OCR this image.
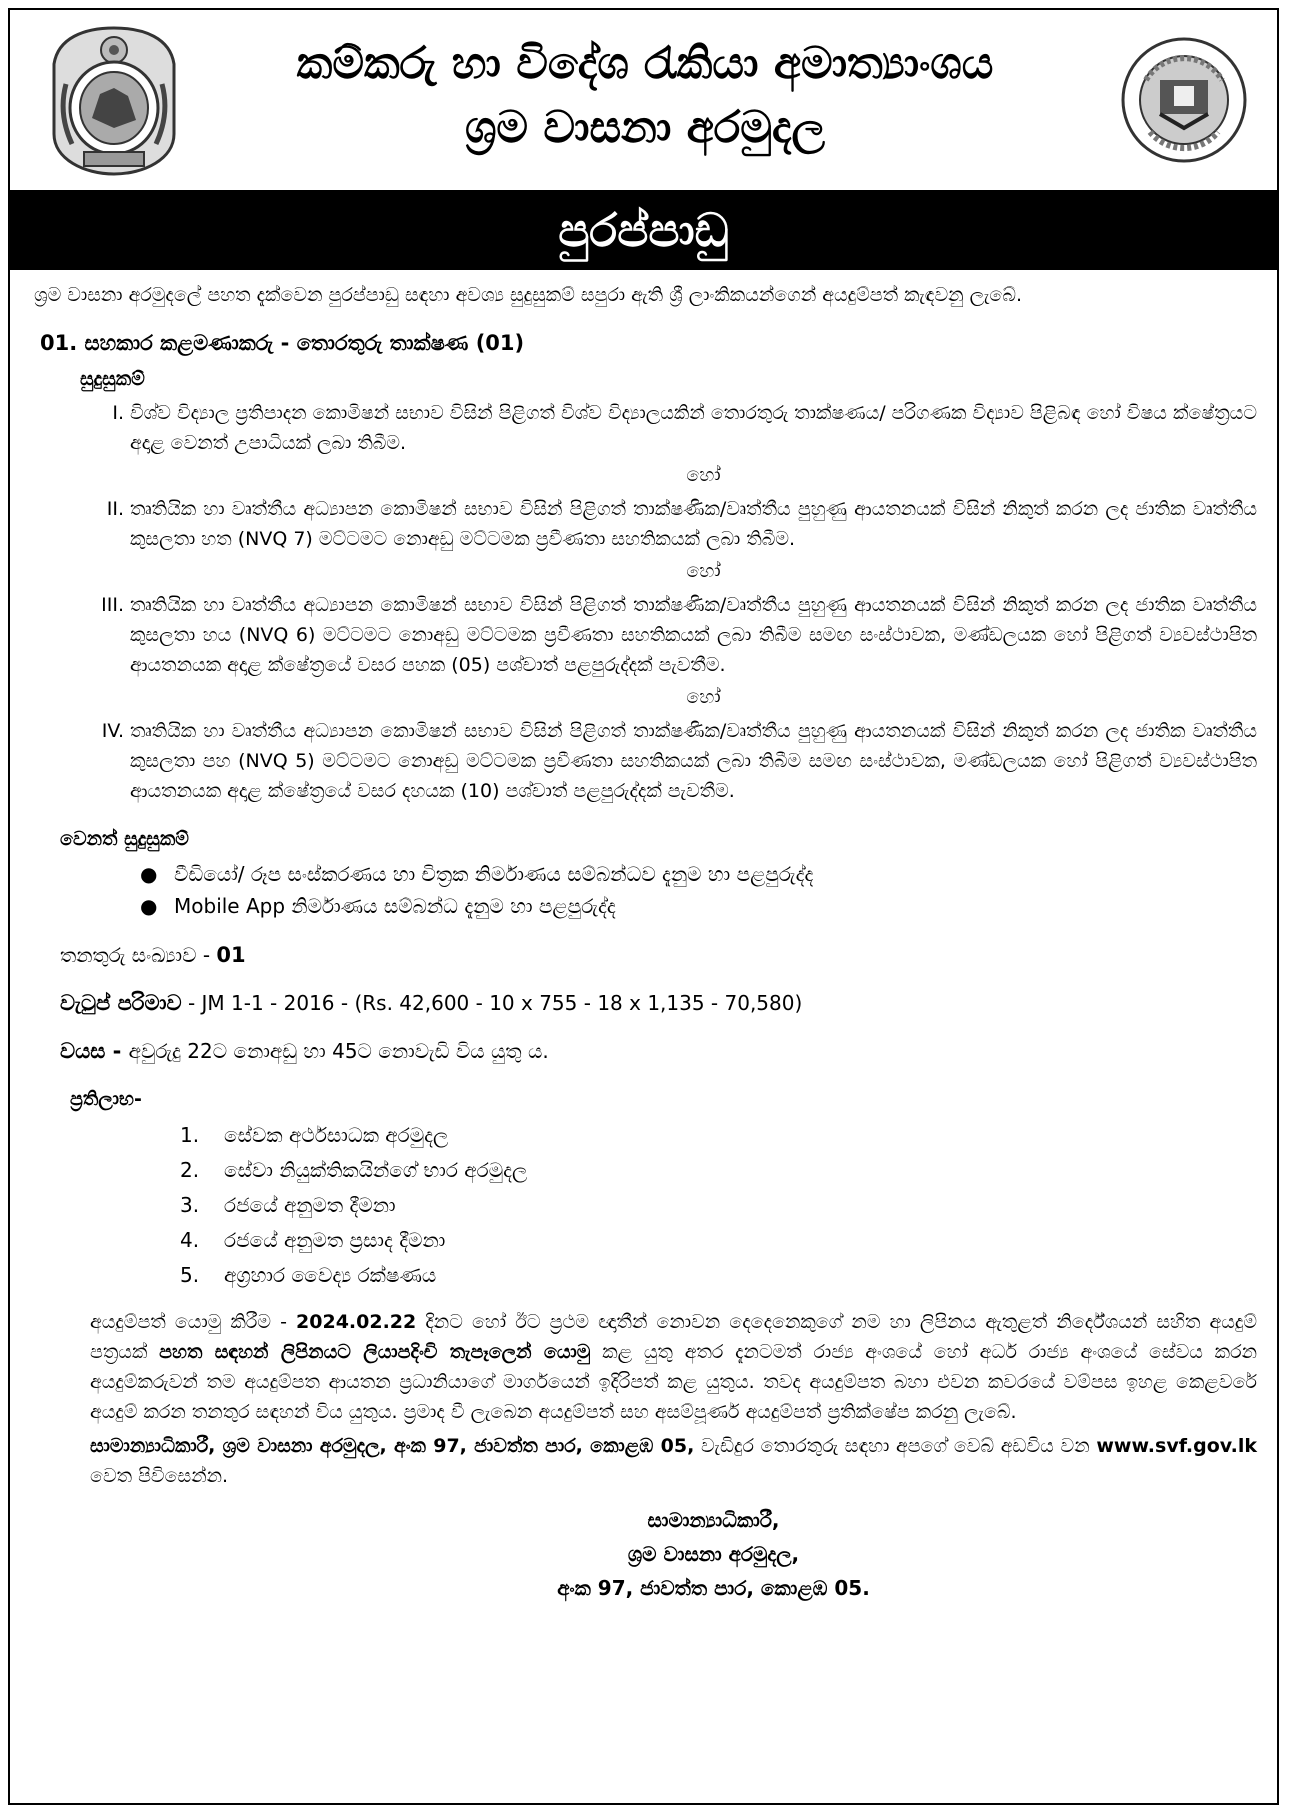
කම්කරු හා විදේශ රැකියා අමාත්‍යාංශය
ශ්‍රම වාසනා අරමුදල
පුරප්පාඩු
ශ්‍රම වාසනා අරමුදලේ පහත දැක්වෙන පුරප්පාඩු සඳහා අවශ්‍ය සුදුසුකම් සපුරා ඇති ශ්‍රී ලාංකිකයන්ගෙන් අයදුම්පත් කැඳවනු ලැබේ.
01. සහකාර කළමණාකරු - තොරතුරු තාක්ෂණ (01)
සුදුසුකම්
I. විශ්ව විද්‍යාල ප්‍රතිපාදන කොමිෂන් සභාව විසින් පිළිගත් විශ්ව විද්‍යාලයකින් තොරතුරු තාක්ෂණය/ පරිගණක විද්‍යාව පිළිබඳ හෝ විෂය ක්ෂේත්‍රයට අදාළ වෙනත් උපාධියක් ලබා තිබීම.
හෝ
II. තෘතියික හා වෘත්තීය අධ්‍යාපන කොමිෂන් සභාව විසින් පිළිගත් තාක්ෂණික/වෘත්තීය පුහුණු ආයතනයක් විසින් නිකුත් කරන ලද ජාතික වෘත්තීය කුසලතා හත (NVQ 7) මට්ටමට නොඅඩු මට්ටමක ප්‍රවීණතා සහතිකයක් ලබා තිබීම.
හෝ
III. තෘතියික හා වෘත්තීය අධ්‍යාපන කොමිෂන් සභාව විසින් පිළිගත් තාක්ෂණික/වෘත්තීය පුහුණු ආයතනයක් විසින් නිකුත් කරන ලද ජාතික වෘත්තීය කුසලතා හය (NVQ 6) මට්ටමට නොඅඩු මට්ටමක ප්‍රවීණතා සහතිකයක් ලබා තිබීම සමඟ සංස්ථාවක, මණ්ඩලයක හෝ පිළිගත් ව්‍යවස්ථාපිත ආයතනයක අදාළ ක්ෂේත්‍රයේ වසර පහක (05) පශ්චාත් පළපුරුද්දක් පැවතීම.
හෝ
IV. තෘතියික හා වෘත්තීය අධ්‍යාපන කොමිෂන් සභාව විසින් පිළිගත් තාක්ෂණික/වෘත්තීය පුහුණු ආයතනයක් විසින් නිකුත් කරන ලද ජාතික වෘත්තීය කුසලතා පහ (NVQ 5) මට්ටමට නොඅඩු මට්ටමක ප්‍රවීණතා සහතිකයක් ලබා තිබීම සමඟ සංස්ථාවක, මණ්ඩලයක හෝ පිළිගත් ව්‍යවස්ථාපිත ආයතනයක අදාළ ක්ෂේත්‍රයේ වසර දහයක (10) පශ්චාත් පළපුරුද්දක් පැවතීම.
වෙනත් සුදුසුකම්
● වීඩියෝ/ රූප සංස්කරණය හා චිත්‍රක නිර්මාණය සම්බන්ධව දැනුම හා පළපුරුද්ද
● Mobile App නිර්මාණය සම්බන්ධ දැනුම හා පළපුරුද්ද
තනතුරු සංඛ්‍යාව - 01
වැටුප් පරිමාව - JM 1-1 - 2016 - (Rs. 42,600 - 10 x 755 - 18 x 1,135 - 70,580)
වයස - අවුරුදු 22ට නොඅඩු හා 45ට නොවැඩි විය යුතු ය.
ප්‍රතිලාභ-
1. සේවක අර්ථසාධක අරමුදල
2. සේවා නියුක්තිකයින්ගේ භාර අරමුදල
3. රජයේ අනුමත දීමනා
4. රජයේ අනුමත ප්‍රසාද දීමනා
5. අග්‍රහාර වෛද්‍ය රක්ෂණය
අයදුම්පත් යොමු කිරීම - 2024.02.22 දිනට හෝ ඊට ප්‍රථම ඥාතීන් නොවන දෙදෙනෙකුගේ නම හා ලිපිනය ඇතුළත් නිර්දේශයන් සහිත අයදුම් පත්‍රයක් පහත සඳහන් ලිපිනයට ලියාපදිංචි තැපෑලෙන් යොමු කළ යුතු අතර දැනටමත් රාජ්‍ය අංශයේ හෝ අර්ධ රාජ්‍ය අංශයේ සේවය කරන අයදුම්කරුවන් තම අයදුම්පත ආයතන ප්‍රධානියාගේ මාර්ගයෙන් ඉදිරිපත් කළ යුතුය. තවද අයදුම්පත බහා එවන කවරයේ වම්පස ඉහළ කෙළවරේ අයදුම් කරන තනතුර සඳහන් විය යුතුය. ප්‍රමාද වී ලැබෙන අයදුම්පත් සහ අසම්පූර්ණ අයදුම්පත් ප්‍රතික්ෂේප කරනු ලැබේ.
සාමාන්‍යාධිකාරී, ශ්‍රම වාසනා අරමුදල, අංක 97, ජාවත්ත පාර, කොළඹ 05, වැඩිදුර තොරතුරු සඳහා අපගේ වෙබ් අඩවිය වන www.svf.gov.lk වෙත පිවිසෙන්න.
සාමාන්‍යාධිකාරී,
ශ්‍රම වාසනා අරමුදල,
අංක 97, ජාවත්ත පාර, කොළඹ 05.
